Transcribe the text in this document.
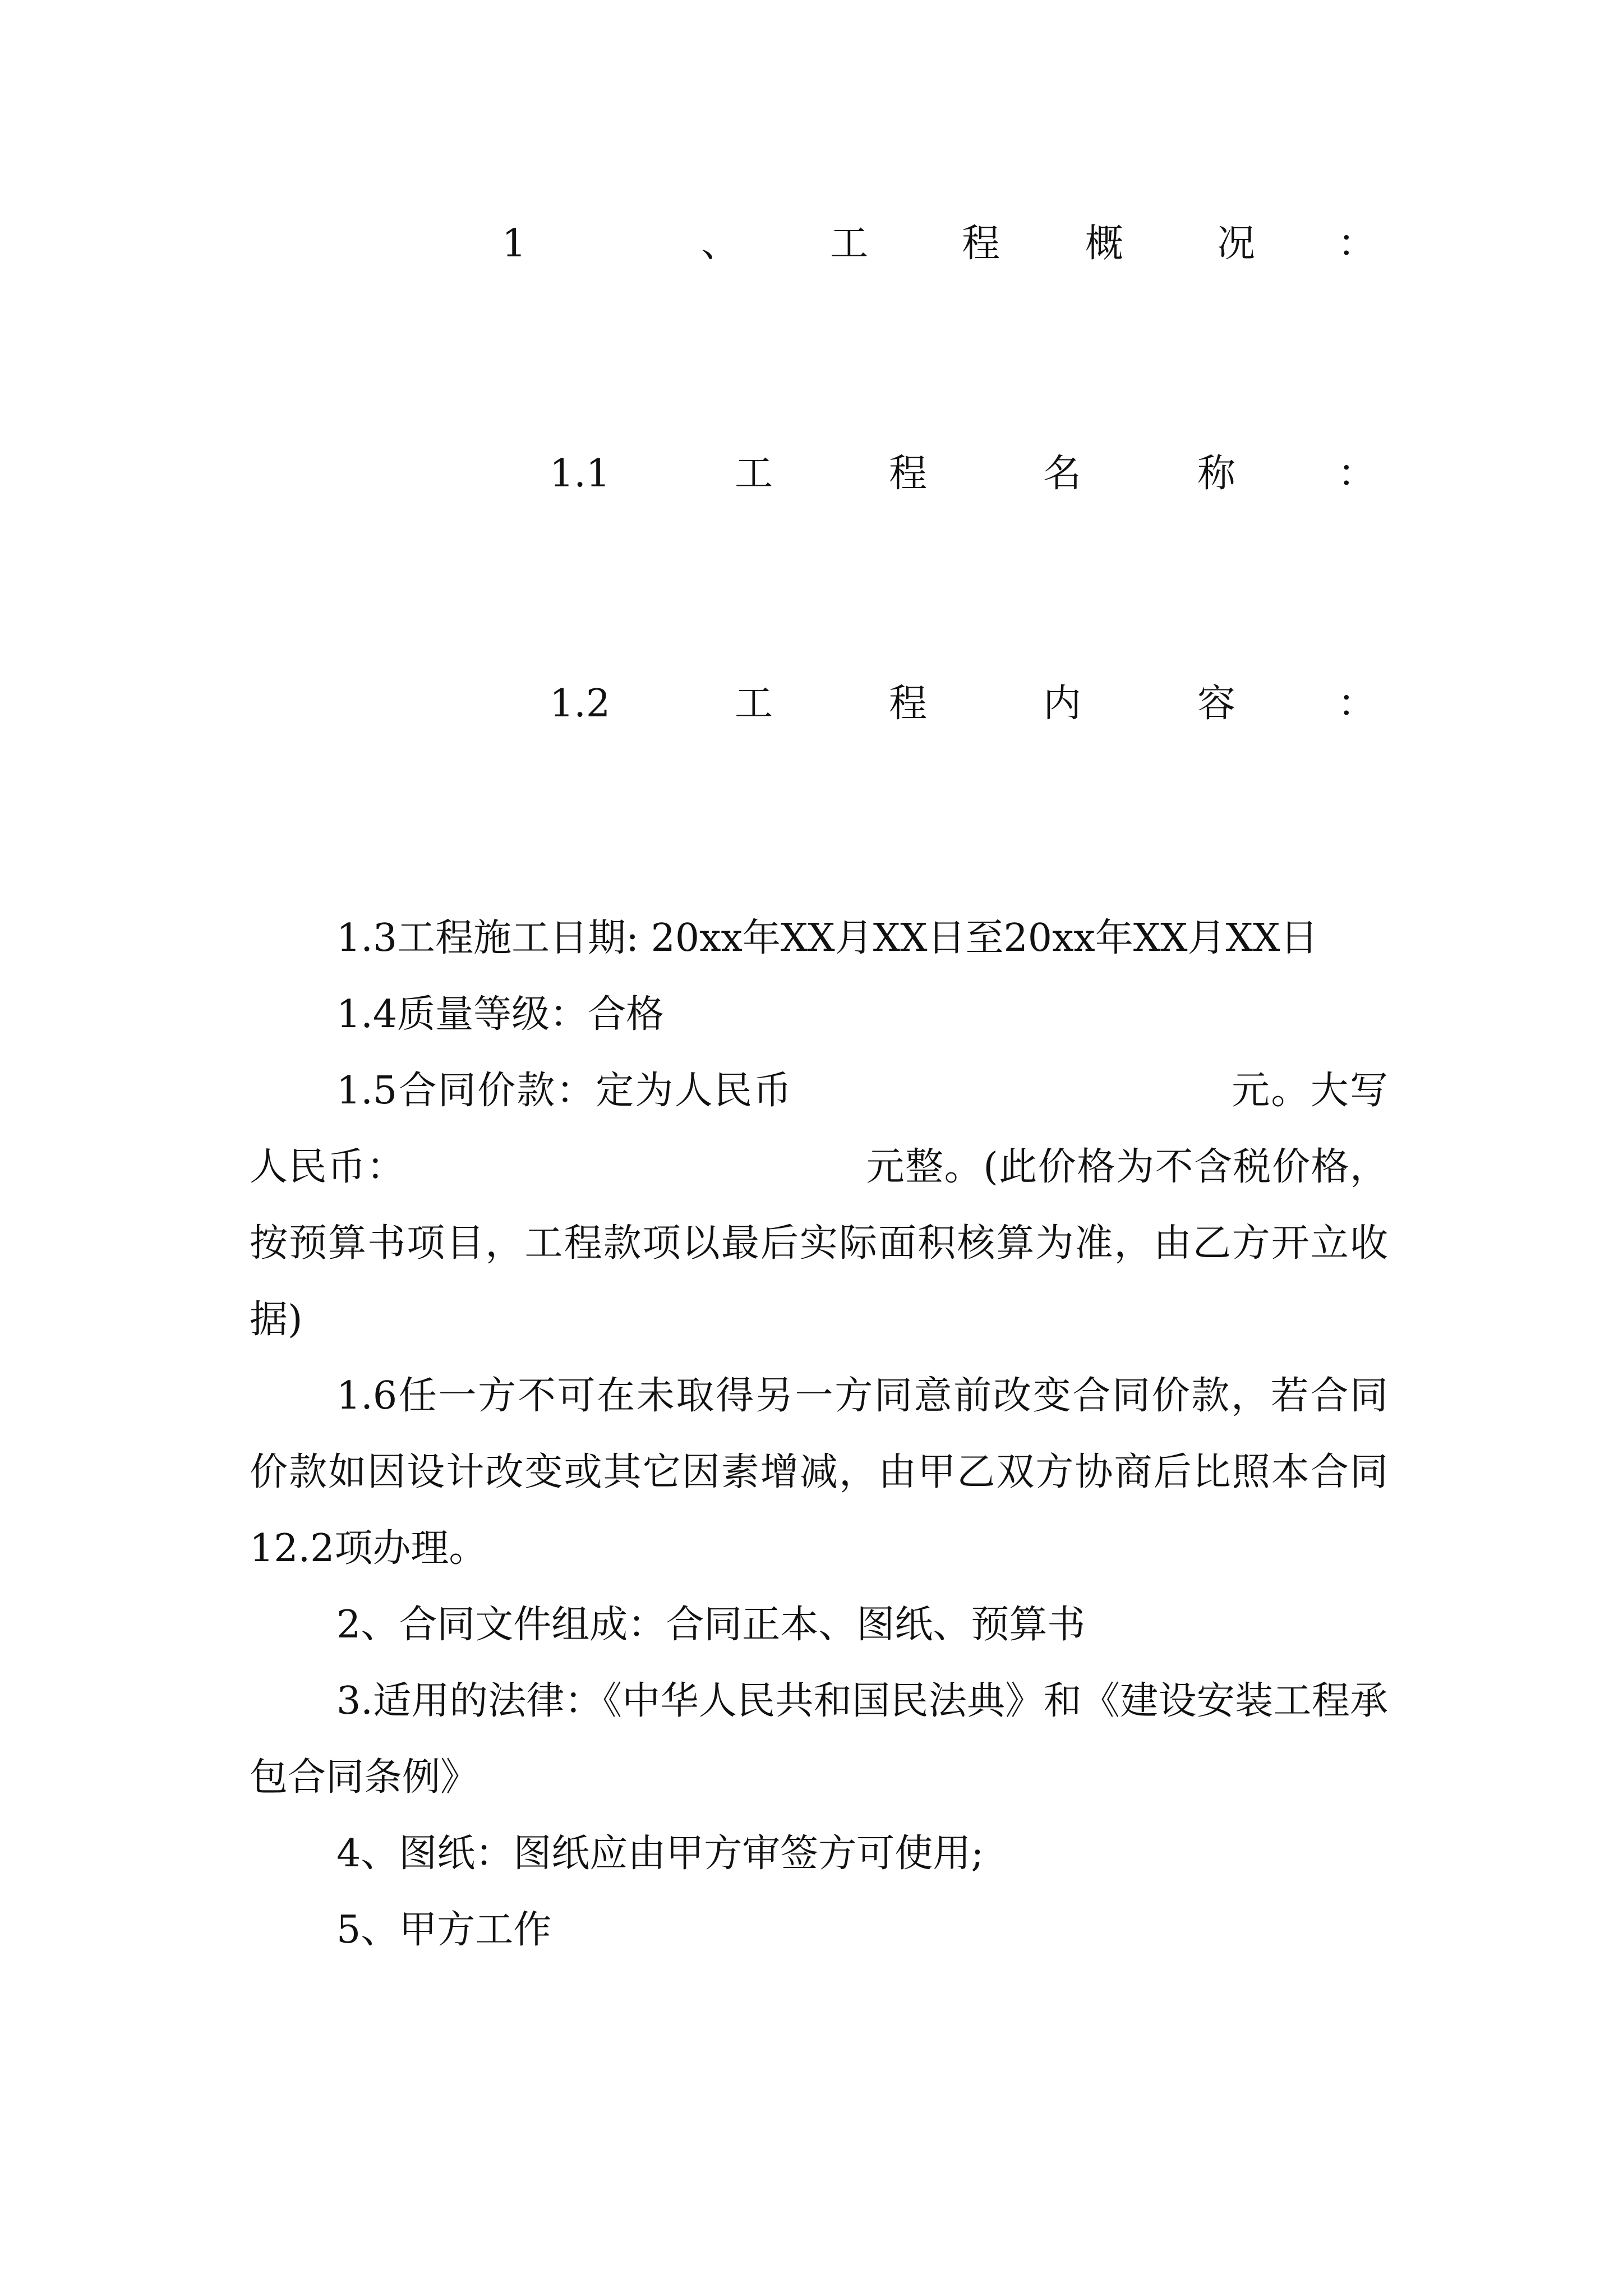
1	、 工 程 概 况 ：
1.1	工	程	名	称	：
1.2	工	程	内	容	：

1.3工程施工日期: 20xx年XX月XX日至20xx年XX月XX日

1.4质量等级：合格

1.5合同价款：定为人民币	元。大写人民币：	元整。(此价格为不含税价格，按预算书项目，工程款项以最后实际面积核算为准，由乙方开立收据)

1.6任一方不可在未取得另一方同意前改变合同价款，若合同价款如因设计改变或其它因素增减，由甲乙双方协商后比照本合同12.2项办理。

2、合同文件组成：合同正本、图纸、预算书

3.适用的法律：《中华人民共和国民法典》和《建设安装工程承包合同条例》

4、图纸：图纸应由甲方审签方可使用;

5、甲方工作
